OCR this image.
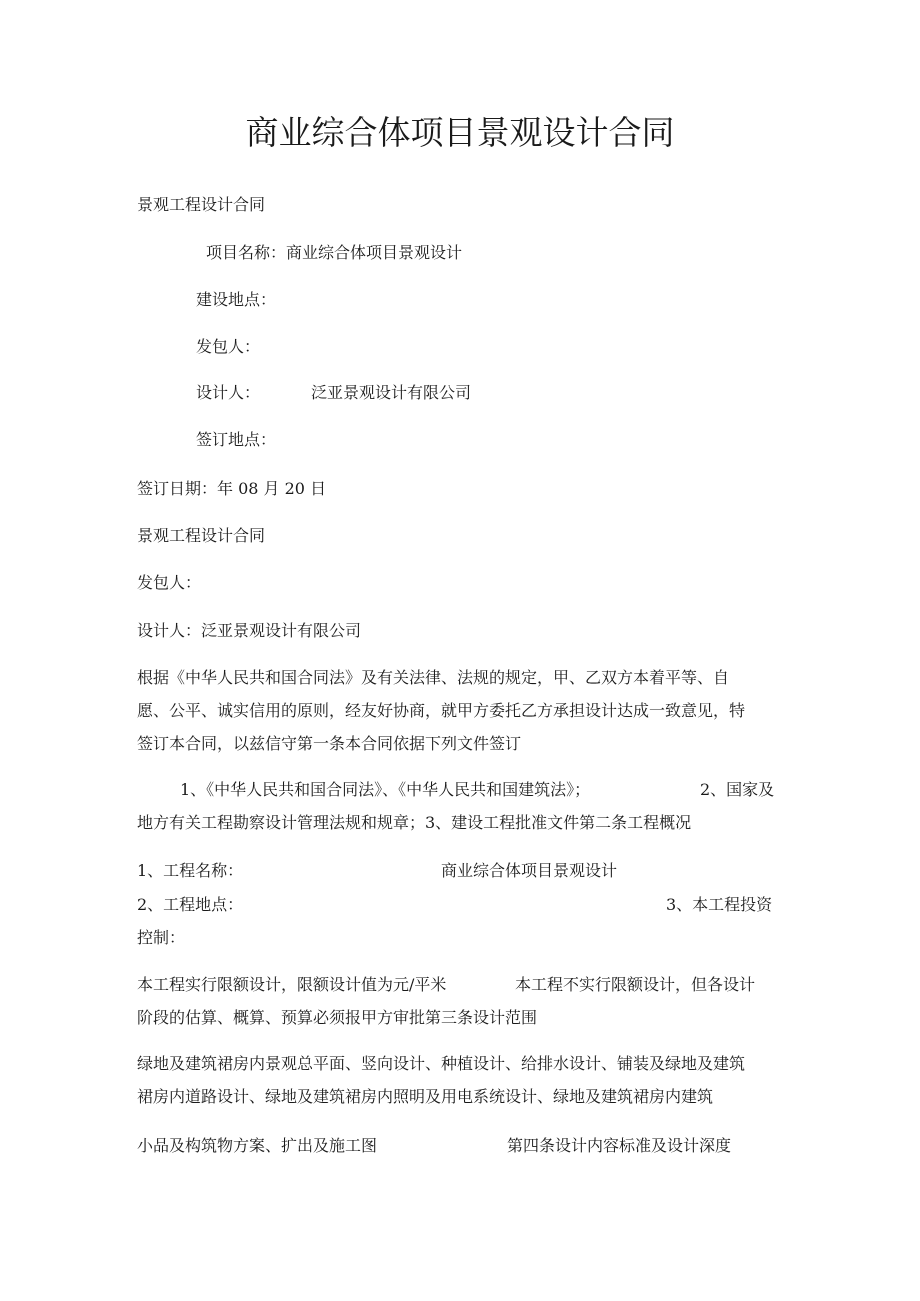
商业综合体项目景观设计合同
景观工程设计合同
项目名称：商业综合体项目景观设计
建设地点：
发包人：
设计人：	泛亚景观设计有限公司
签订地点：
签订日期：年 08 月 20 日
景观工程设计合同
发包人：
设计人：泛亚景观设计有限公司
根据《中华人民共和国合同法》及有关法律、法规的规定，甲、乙双方本着平等、自
愿、公平、诚实信用的原则，经友好协商，就甲方委托乙方承担设计达成一致意见，特
签订本合同，以兹信守第一条本合同依据下列文件签订
1、《中华人民共和国合同法》、《中华人民共和国建筑法》；	2、国家及
地方有关工程勘察设计管理法规和规章；3、建设工程批准文件第二条工程概况
1、工程名称：	商业综合体项目景观设计
2、工程地点：	3、本工程投资
控制：
本工程实行限额设计，限额设计值为元/平米	本工程不实行限额设计，但各设计
阶段的估算、概算、预算必须报甲方审批第三条设计范围
绿地及建筑裙房内景观总平面、竖向设计、种植设计、给排水设计、铺装及绿地及建筑
裙房内道路设计、绿地及建筑裙房内照明及用电系统设计、绿地及建筑裙房内建筑
小品及构筑物方案、扩出及施工图	第四条设计内容标准及设计深度
